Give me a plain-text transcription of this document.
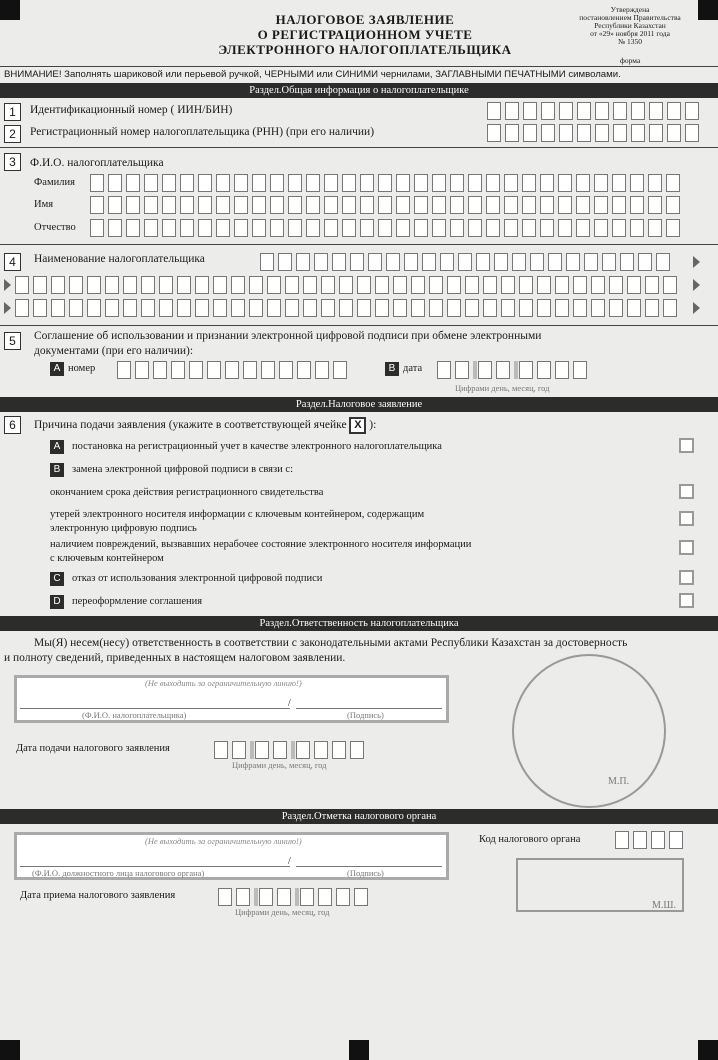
НАЛОГОВОЕ ЗАЯВЛЕНИЕ
О РЕГИСТРАЦИОННОМ УЧЕТЕ
ЭЛЕКТРОННОГО НАЛОГОПЛАТЕЛЬЩИКА
Утверждена
постановлением Правительства
Республики Казахстан
от «29» ноября 2011 года
№ 1350
форма
ВНИМАНИЕ! Заполнять шариковой или перьевой ручкой, ЧЕРНЫМИ или СИНИМИ чернилами, ЗАГЛАВНЫМИ ПЕЧАТНЫМИ символами.
Раздел.Общая информация о налогоплательщике
1	Идентификационный номер ( ИИН/БИН)
2	Регистрационный номер налогоплательщика (РНН) (при его наличии)
3	Ф.И.О. налогоплательщика
Фамилия
Имя
Отчество
4	Наименование налогоплательщика
5	Соглашение об использовании и признании электронной цифровой подписи при обмене электронными
документами (при его наличии):
A номер	B дата
Цифрами день, месяц, год
Раздел.Налоговое заявление
6	Причина подачи заявления (укажите в соответствующей ячейке X ):
A	постановка на регистрационный учет в качестве электронного налогоплательщика
B	замена электронной цифровой подписи в связи с:
окончанием срока действия регистрационного свидетельства
утерей электронного носителя информации с ключевым контейнером, содержащим
электронную цифровую подпись
наличием повреждений, вызвавших нерабочее состояние электронного носителя информации
с ключевым контейнером
C	отказ от использования электронной цифровой подписи
D	переоформление соглашения
Раздел.Ответственность налогоплательщика
Мы(Я) несем(несу) ответственность в соответствии с законодательными актами Республики Казахстан за достоверность
и полноту сведений, приведенных в настоящем налоговом заявлении.
(Не выходить за ограничительную линию!)
/
(Ф.И.О. налогоплательщика)	(Подпись)
Дата подачи налогового заявления
Цифрами день, месяц, год
М.П.
Раздел.Отметка налогового органа
(Не выходить за ограничительную линию!)
/
(Ф.И.О. должностного лица налогового органа)	(Подпись)
Код налогового органа
М.Ш.
Дата приема налогового заявления
Цифрами день, месяц, год
